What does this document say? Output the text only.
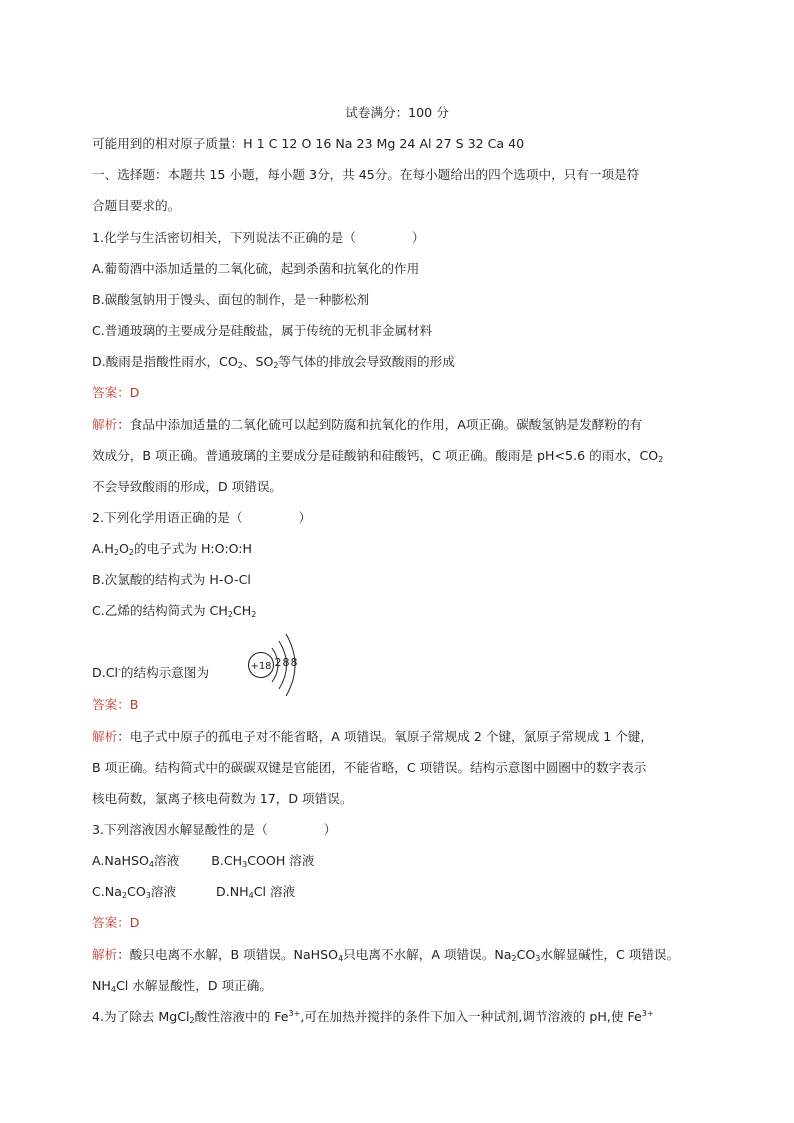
试卷满分：100 分
可能用到的相对原子质量：H 1 C 12 O 16 Na 23 Mg 24 Al 27 S 32 Ca 40
一、选择题：本题共 15 小题，每小题 3分，共 45分。在每小题给出的四个选项中，只有一项是符
合题目要求的。
1.化学与生活密切相关，下列说法不正确的是（	）
A.葡萄酒中添加适量的二氧化硫，起到杀菌和抗氧化的作用
B.碳酸氢钠用于馒头、面包的制作，是一种膨松剂
C.普通玻璃的主要成分是硅酸盐，属于传统的无机非金属材料
D.酸雨是指酸性雨水，$CO_2$、$SO_2$等气体的排放会导致酸雨的形成
答案：D
解析：食品中添加适量的二氧化硫可以起到防腐和抗氧化的作用，A项正确。碳酸氢钠是发酵粉的有
效成分，B 项正确。普通玻璃的主要成分是硅酸钠和硅酸钙，C 项正确。酸雨是 pH<5.6 的雨水，$CO_2$
不会导致酸雨的形成，D 项错误。
2.下列化学用语正确的是（	）
$A.H_2O_2$的电子式为 H:O:O:H
B.次氯酸的结构式为 H-O-Cl
C.乙烯的结构简式为 $CH_2CH_2$
D.Cl-的结构示意图为	+18 2 8 8
答案：B
解析：电子式中原子的孤电子对不能省略，A 项错误。氧原子常规成 2 个键，氯原子常规成 1 个键，
B 项正确。结构简式中的碳碳双键是官能团，不能省略，C 项错误。结构示意图中圆圈中的数字表示
核电荷数，氯离子核电荷数为 17，D 项错误。
3.下列溶液因水解显酸性的是（	）
A.NaHSO$_4$溶液	$B.CH_3COOH$ 溶液
$C.Na_2CO_3$溶液	$D.NH_4Cl$ 溶液
答案：D
解析：酸只电离不水解，B 项错误。NaHSO$_4$只电离不水解，A 项错误。$Na_2CO_3$水解显碱性，C 项错误。
$NH_4Cl$ 水解显酸性，D 项正确。
4.为了除去 MgCl$_2$酸性溶液中的 $Fe^{3+}$,可在加热并搅拌的条件下加入一种试剂,调节溶液的 pH,使 $Fe^{3+}$
